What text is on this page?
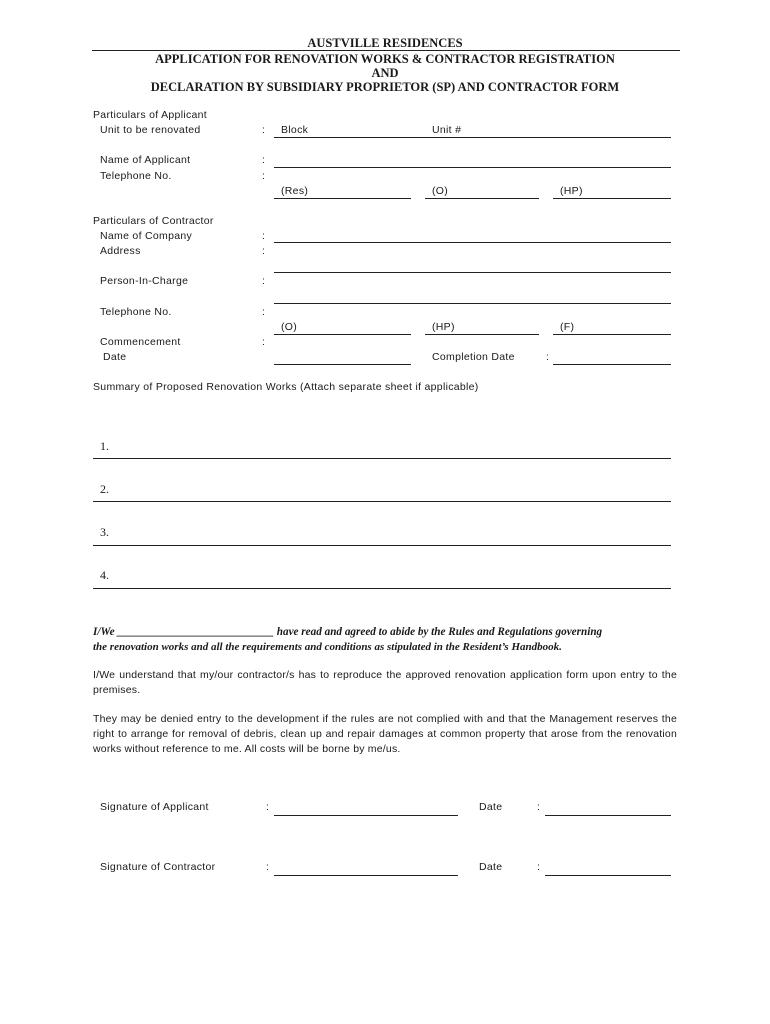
AUSTVILLE RESIDENCES
APPLICATION FOR RENOVATION WORKS & CONTRACTOR REGISTRATION
AND
DECLARATION BY SUBSIDIARY PROPRIETOR (SP) AND CONTRACTOR FORM
Particulars of Applicant
Unit to be renovated	: Block	Unit #
Name of Applicant	:
Telephone No.	:
(Res)	(O)	(HP)
Particulars of Contractor
Name of Company	:
Address	:
Person-In-Charge	:
Telephone No.	:
(O)	(HP)	(F)
Commencement	:
Date	Completion Date	:
Summary of Proposed Renovation Works (Attach separate sheet if applicable)
1.
2.
3.
4.
I/We ____________________________ have read and agreed to abide by the Rules and Regulations governing
the renovation works and all the requirements and conditions as stipulated in the Resident’s Handbook.
I/We understand that my/our contractor/s has to reproduce the approved renovation application form upon entry to the premises.
They may be denied entry to the development if the rules are not complied with and that the Management reserves the right to arrange for removal of debris, clean up and repair damages at common property that arose from the renovation works without reference to me. All costs will be borne by me/us.
Signature of Applicant	:	Date	:
Signature of Contractor	:	Date	:
